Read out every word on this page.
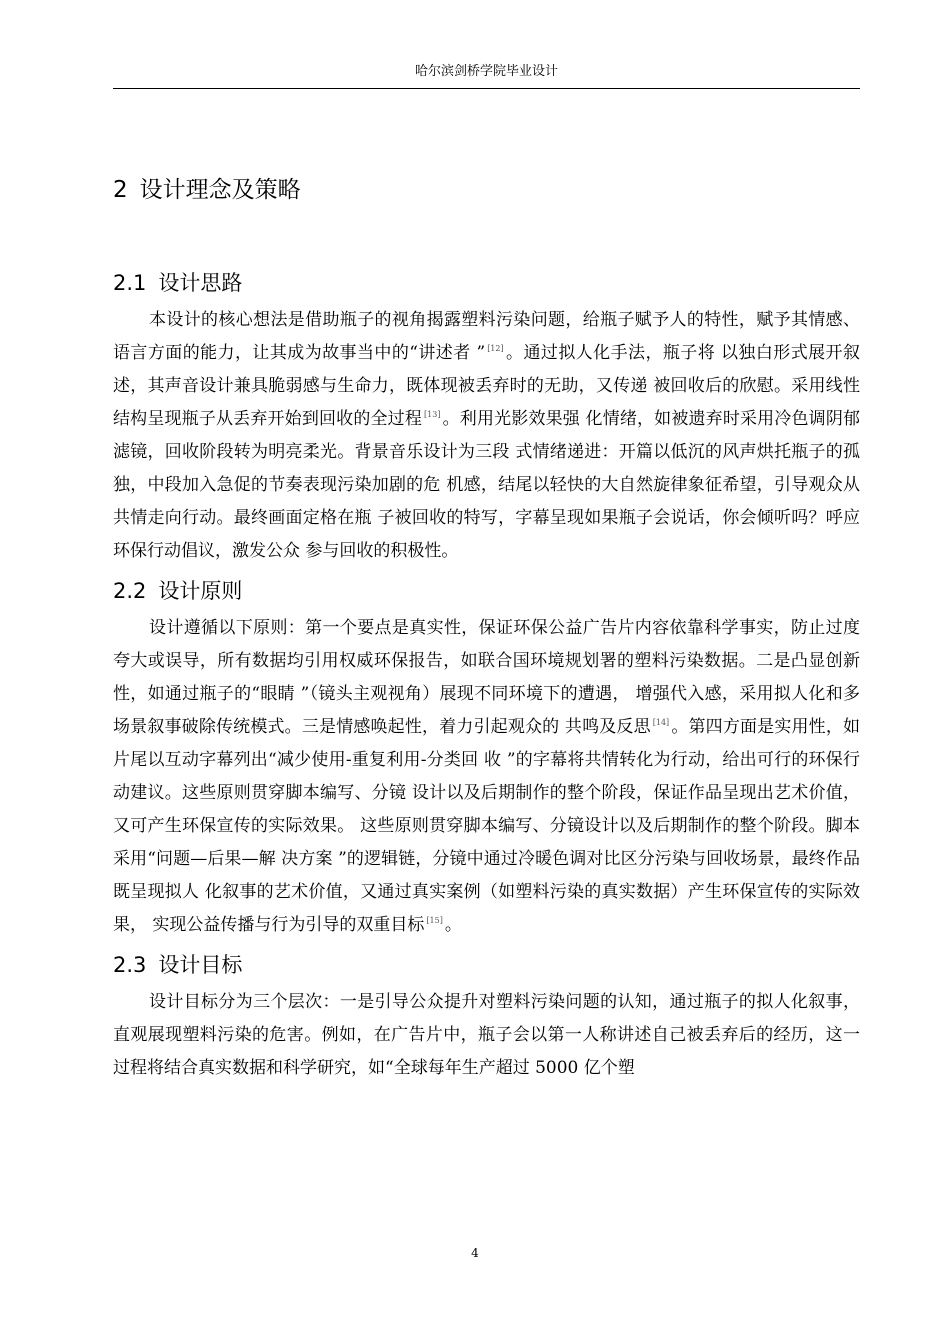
哈尔滨剑桥学院毕业设计
2 设计理念及策略
2.1 设计思路

本设计的核心想法是借助瓶子的视角揭露塑料污染问题，给瓶子赋予人的特性，赋予其情感、语言方面的能力，让其成为故事当中的“讲述者 ” [12] 。通过拟人化手法，瓶子将 以独白形式展开叙述，其声音设计兼具脆弱感与生命力，既体现被丢弃时的无助，又传递 被回收后的欣慰。采用线性结构呈现瓶子从丢弃开始到回收的全过程 [13] 。利用光影效果强 化情绪，如被遗弃时采用冷色调阴郁滤镜，回收阶段转为明亮柔光。背景音乐设计为三段 式情绪递进：开篇以低沉的风声烘托瓶子的孤独，中段加入急促的节奏表现污染加剧的危 机感，结尾以轻快的大自然旋律象征希望，引导观众从共情走向行动。最终画面定格在瓶 子被回收的特写，字幕呈现如果瓶子会说话，你会倾听吗？呼应环保行动倡议，激发公众 参与回收的积极性。

2.2 设计原则

设计遵循以下原则：第一个要点是真实性，保证环保公益广告片内容依靠科学事实，防止过度夸大或误导，所有数据均引用权威环保报告，如联合国环境规划署的塑料污染数据。二是凸显创新性，如通过瓶子的“眼睛 ”（镜头主观视角）展现不同环境下的遭遇， 增强代入感，采用拟人化和多场景叙事破除传统模式。三是情感唤起性，着力引起观众的 共鸣及反思 [14] 。第四方面是实用性，如片尾以互动字幕列出“减少使用-重复利用-分类回 收 ”的字幕将共情转化为行动，给出可行的环保行动建议。这些原则贯穿脚本编写、分镜 设计以及后期制作的整个阶段，保证作品呈现出艺术价值，又可产生环保宣传的实际效果。 这些原则贯穿脚本编写、分镜设计以及后期制作的整个阶段。脚本采用“问题—后果—解 决方案 ”的逻辑链，分镜中通过冷暖色调对比区分污染与回收场景，最终作品既呈现拟人 化叙事的艺术价值，又通过真实案例（如塑料污染的真实数据）产生环保宣传的实际效果， 实现公益传播与行为引导的双重目标 [15] 。

2.3 设计目标

设计目标分为三个层次：一是引导公众提升对塑料污染问题的认知，通过瓶子的拟人化叙事，直观展现塑料污染的危害。例如，在广告片中，瓶子会以第一人称讲述自己被丢弃后的经历，这一过程将结合真实数据和科学研究，如“全球每年生产超过 5000 亿个塑

4
